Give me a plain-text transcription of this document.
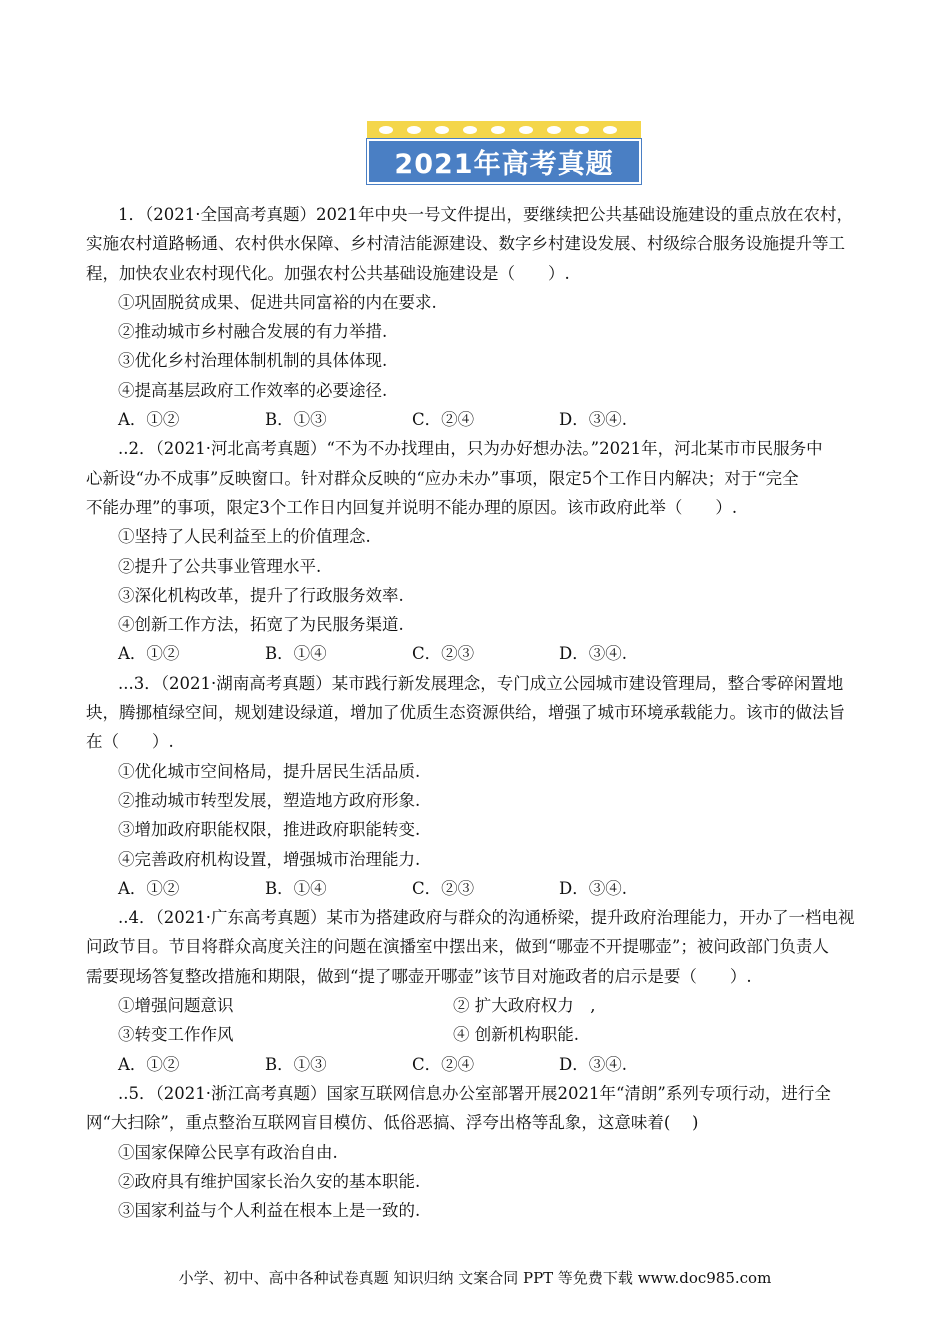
2021年高考真题
1．（2021·全国高考真题）2021年中央一号文件提出，要继续把公共基础设施建设的重点放在农村，
实施农村道路畅通、农村供水保障、乡村清洁能源建设、数字乡村建设发展、村级综合服务设施提升等工
程，加快农业农村现代化。加强农村公共基础设施建设是（　　）.
①巩固脱贫成果、促进共同富裕的内在要求.
②推动城市乡村融合发展的有力举措.
③优化乡村治理体制机制的具体体现.
④提高基层政府工作效率的必要途径.
A．①②	B．①③	C．②④	D．③④.
..2．（2021·河北高考真题）“不为不办找理由，只为办好想办法。”2021年，河北某市市民服务中
心新设“办不成事”反映窗口。针对群众反映的“应办未办”事项，限定5个工作日内解决；对于“完全
不能办理”的事项，限定3个工作日内回复并说明不能办理的原因。该市政府此举（　　）.
①坚持了人民利益至上的价值理念.
②提升了公共事业管理水平.
③深化机构改革，提升了行政服务效率.
④创新工作方法，拓宽了为民服务渠道.
A．①②	B．①④	C．②③	D．③④.
...3．（2021·湖南高考真题）某市践行新发展理念，专门成立公园城市建设管理局，整合零碎闲置地
块，腾挪植绿空间，规划建设绿道，增加了优质生态资源供给，增强了城市环境承载能力。该市的做法旨
在（　　）.
①优化城市空间格局，提升居民生活品质.
②推动城市转型发展，塑造地方政府形象.
③增加政府职能权限，推进政府职能转变.
④完善政府机构设置，增强城市治理能力.
A．①②	B．①④	C．②③	D．③④.
..4．（2021·广东高考真题）某市为搭建政府与群众的沟通桥梁，提升政府治理能力，开办了一档电视
问政节目。节目将群众高度关注的问题在演播室中摆出来，做到“哪壶不开提哪壶”；被问政部门负责人
需要现场答复整改措施和期限，做到“提了哪壶开哪壶”该节目对施政者的启示是要（　　）.
①增强问题意识	② 扩大政府权力　,
③转变工作作风	④ 创新机构职能.
A．①②	B．①③	C．②④	D．③④.
..5．（2021·浙江高考真题）国家互联网信息办公室部署开展2021年“清朗”系列专项行动，进行全
网“大扫除”，重点整治互联网盲目模仿、低俗恶搞、浮夸出格等乱象，这意味着(　 )
①国家保障公民享有政治自由.
②政府具有维护国家长治久安的基本职能.
③国家利益与个人利益在根本上是一致的.
小学、初中、高中各种试卷真题 知识归纳 文案合同 PPT 等免费下载 www.doc985.com
